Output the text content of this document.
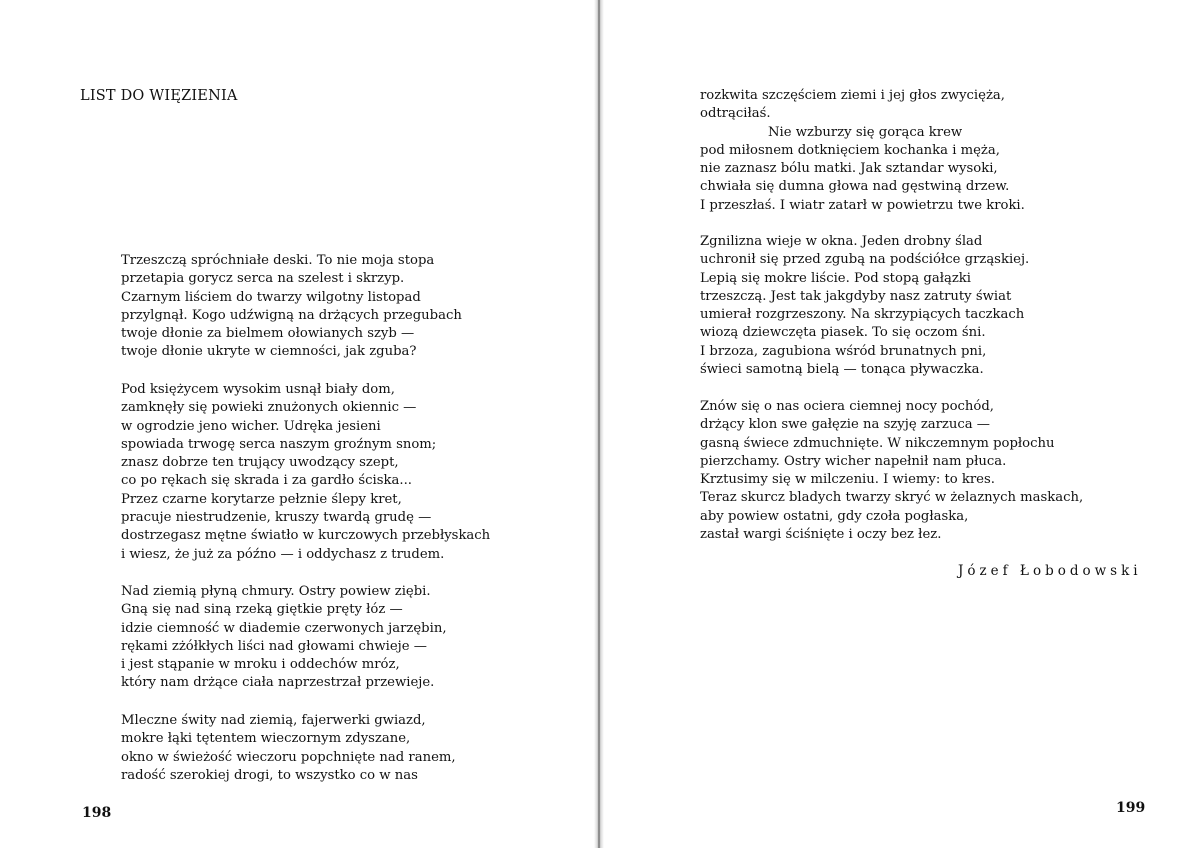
LIST DO WIĘZIENIA
Trzeszczą spróchniałe deski. To nie moja stopa
przetapia gorycz serca na szelest i skrzyp.
Czarnym liściem do twarzy wilgotny listopad
przylgnął. Kogo udźwigną na drżących przegubach
twoje dłonie za bielmem ołowianych szyb —
twoje dłonie ukryte w ciemności, jak zguba?
Pod księżycem wysokim usnął biały dom,
zamknęły się powieki znużonych okiennic —
w ogrodzie jeno wicher. Udręka jesieni
spowiada trwogę serca naszym groźnym snom;
znasz dobrze ten trujący uwodzący szept,
co po rękach się skrada i za gardło ściska...
Przez czarne korytarze pełznie ślepy kret,
pracuje niestrudzenie, kruszy twardą grudę —
dostrzegasz mętne światło w kurczowych przebłyskach
i wiesz, że już za późno — i oddychasz z trudem.
Nad ziemią płyną chmury. Ostry powiew ziębi.
Gną się nad siną rzeką giętkie pręty łóz —
idzie ciemność w diademie czerwonych jarzębin,
rękami zżółkłych liści nad głowami chwieje —
i jest stąpanie w mroku i oddechów mróz,
który nam drżące ciała naprzestrzał przewieje.
Mleczne świty nad ziemią, fajerwerki gwiazd,
mokre łąki tętentem wieczornym zdyszane,
okno w świeżość wieczoru popchnięte nad ranem,
radość szerokiej drogi, to wszystko co w nas
198
rozkwita szczęściem ziemi i jej głos zwycięża,
odtrąciłaś.
Nie wzburzy się gorąca krew
pod miłosnem dotknięciem kochanka i męża,
nie zaznasz bólu matki. Jak sztandar wysoki,
chwiała się dumna głowa nad gęstwiną drzew.
I przeszłaś. I wiatr zatarł w powietrzu twe kroki.
Zgnilizna wieje w okna. Jeden drobny ślad
uchronił się przed zgubą na podściółce grząskiej.
Lepią się mokre liście. Pod stopą gałązki
trzeszczą. Jest tak jakgdyby nasz zatruty świat
umierał rozgrzeszony. Na skrzypiących taczkach
wiozą dziewczęta piasek. To się oczom śni.
I brzoza, zagubiona wśród brunatnych pni,
świeci samotną bielą — tonąca pływaczka.
Znów się o nas ociera ciemnej nocy pochód,
drżący klon swe gałęzie na szyję zarzuca —
gasną świece zdmuchnięte. W nikczemnym popłochu
pierzchamy. Ostry wicher napełnił nam płuca.
Krztusimy się w milczeniu. I wiemy: to kres.
Teraz skurcz bladych twarzy skryć w żelaznych maskach,
aby powiew ostatni, gdy czoła pogłaska,
zastał wargi ściśnięte i oczy bez łez.
Józef Łobodowski
199
